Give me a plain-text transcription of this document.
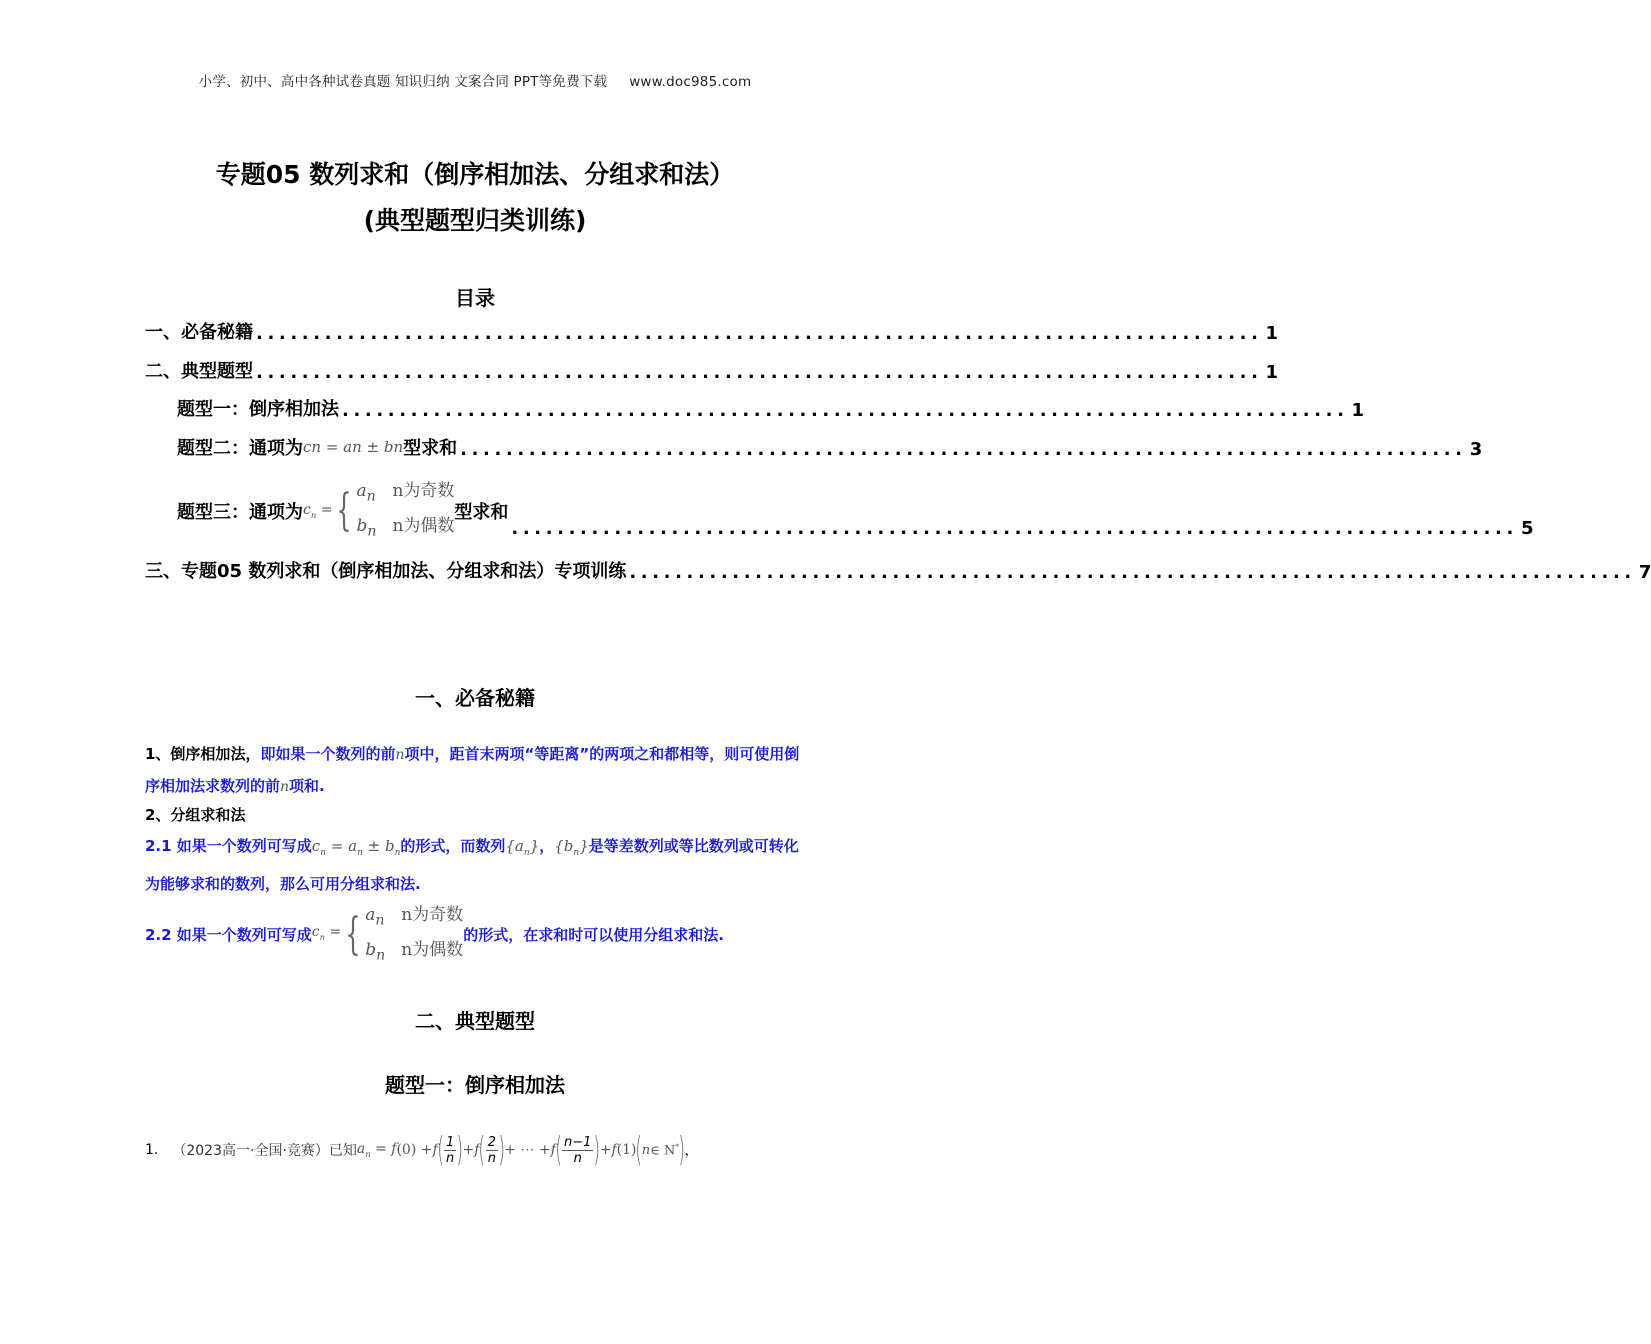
小学、初中、高中各种试卷真题 知识归纳 文案合同 PPT等免费下载 www.doc985.com
专题05 数列求和（倒序相加法、分组求和法）
(典型题型归类训练)
目录
一、必备秘籍 ........................................................................................ 1
二、典型题型 ........................................................................................ 1
题型一：倒序相加法 ........................................................................................ 1
题型二：通项为 cn = an ± bn 型求和 ........................................................................................ 3
题型三：通项为 $c_n$ = { $a_n$ n为奇数
$b_n$ n为偶数
型求和
........................................................................................ 5
三、专题05 数列求和（倒序相加法、分组求和法）专项训练 ........................................................................................ 7
一、必备秘籍
1、倒序相加法，即如果一个数列的前n项中，距首末两项“等距离”的两项之和都相等，则可使用倒序相加法求数列的前n项和.
2、分组求和法
2.1 如果一个数列可写成$c_n = a_n \pm b_n$的形式，而数列$\{a_n\}$，$\{b_n\}$是等差数列或等比数列或可转化为能够求和的数列，那么可用分组求和法.
2.2 如果一个数列可写成 $c_n$ = { $a_n$ n为奇数
$b_n$ n为偶数
的形式，在求和时可以使用分组求和法.
二、典型题型
题型一：倒序相加法
1. （2023高一·全国·竞赛）已知 $a_n = f$ (0) + f ( $\frac{1}{n}$ ) + f ( $\frac{2}{n}$ ) + ⋯ + f ( $\frac{n-1}{n}$ ) + f (1) ( n ∈ N* ) ，
